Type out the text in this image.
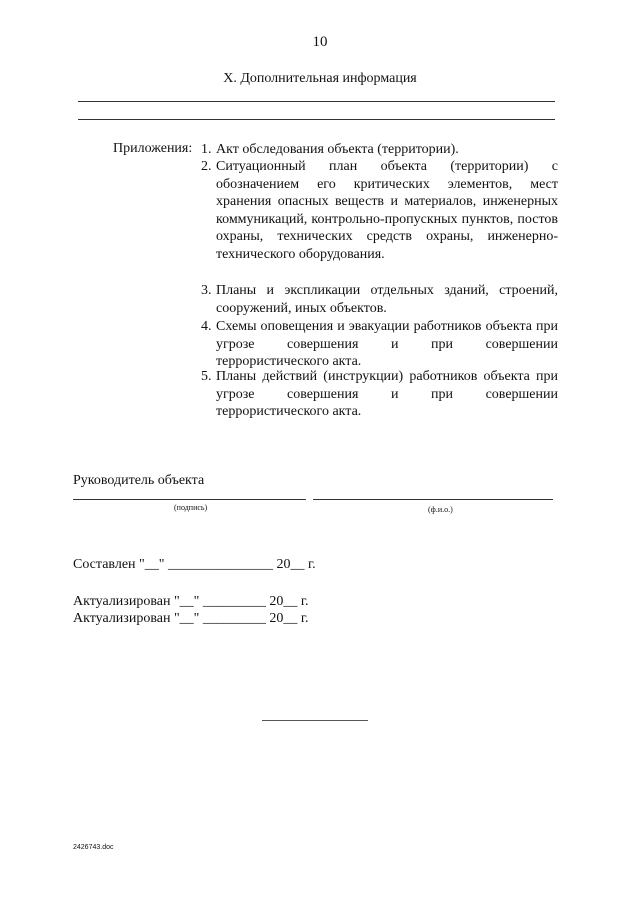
10
X. Дополнительная информация
Приложения: 1. Акт обследования объекта (территории).
2. Ситуационный план объекта (территории) с обозначением его критических элементов, мест хранения опасных веществ и материалов, инженерных коммуникаций, контрольно-пропускных пунктов, постов охраны, технических средств охраны, инженерно-технического оборудования.
3. Планы и экспликации отдельных зданий, строений, сооружений, иных объектов.
4. Схемы оповещения и эвакуации работников объекта при угрозе совершения и при совершении террористического акта.
5. Планы действий (инструкции) работников объекта при угрозе совершения и при совершении террористического акта.
Руководитель объекта
(подпись)	(ф.и.о.)
Составлен "__" _______________ 20__ г.
Актуализирован "__" _________ 20__ г.
Актуализирован "__" _________ 20__ г.
2426743.doc
